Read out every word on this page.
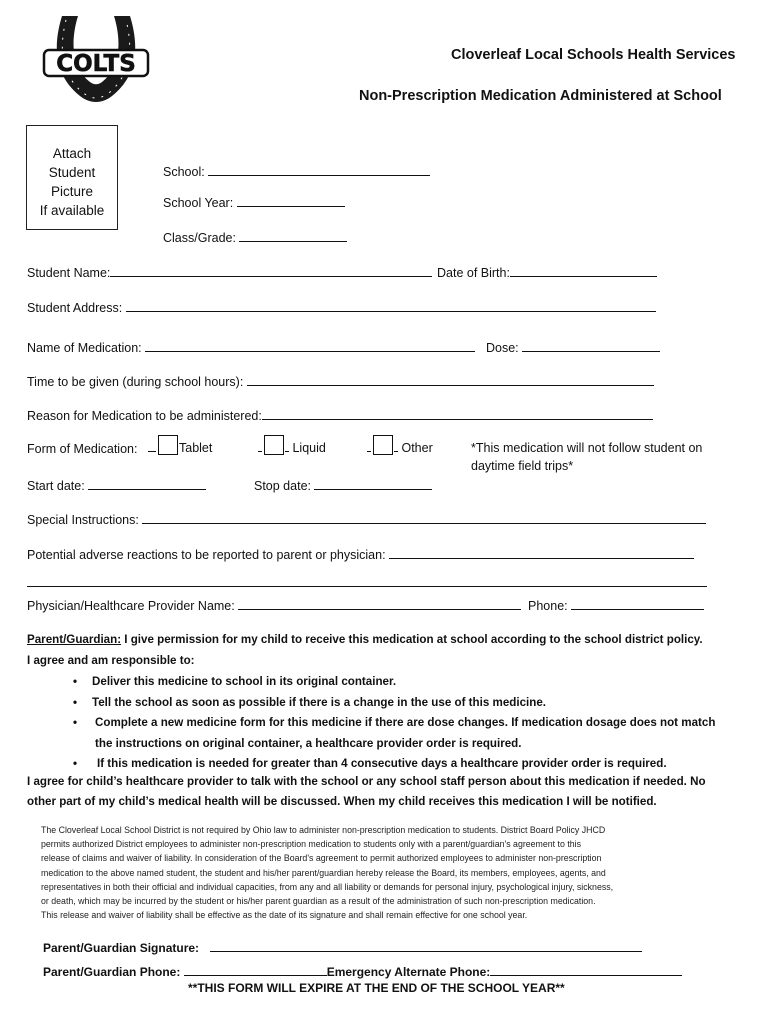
COLTS	Cloverleaf Local Schools Health Services
Non-Prescription Medication Administered at School
Attach
Student
Picture
If available
School:
School Year:
Class/Grade:
Student Name:	Date of Birth:
Student Address:
Name of Medication:	Dose:
Time to be given (during school hours):
Reason for Medication to be administered:
Form of Medication:	Tablet	Liquid	Other	*This medication will not follow student on
daytime field trips*
Start date:	Stop date:
Special Instructions:
Potential adverse reactions to be reported to parent or physician:
Physician/Healthcare Provider Name:	Phone:
Parent/Guardian: I give permission for my child to receive this medication at school according to the school district policy.
I agree and am responsible to:
• Deliver this medicine to school in its original container.
• Tell the school as soon as possible if there is a change in the use of this medicine.
• Complete a new medicine form for this medicine if there are dose changes. If medication dosage does not match
the instructions on original container, a healthcare provider order is required.
• If this medication is needed for greater than 4 consecutive days a healthcare provider order is required.
I agree for child’s healthcare provider to talk with the school or any school staff person about this medication if needed. No
other part of my child’s medical health will be discussed. When my child receives this medication I will be notified.

The Cloverleaf Local School District is not required by Ohio law to administer non-prescription medication to students. District Board Policy JHCD

permits authorized District employees to administer non-prescription medication to students only with a parent/guardian's agreement to this

release of claims and waiver of liability. In consideration of the Board's agreement to permit authorized employees to administer non-prescription

medication to the above named student, the student and his/her parent/guardian hereby release the Board, its members, employees, agents, and

representatives in both their official and individual capacities, from any and all liability or demands for personal injury, psychological injury, sickness,

or death, which may be incurred by the student or his/her parent guardian as a result of the administration of such non-prescription medication.

This release and waiver of liability shall be effective as the date of its signature and shall remain effective for one school year.

Parent/Guardian Signature:
Parent/Guardian Phone:	Emergency Alternate Phone:
**THIS FORM WILL EXPIRE AT THE END OF THE SCHOOL YEAR**
